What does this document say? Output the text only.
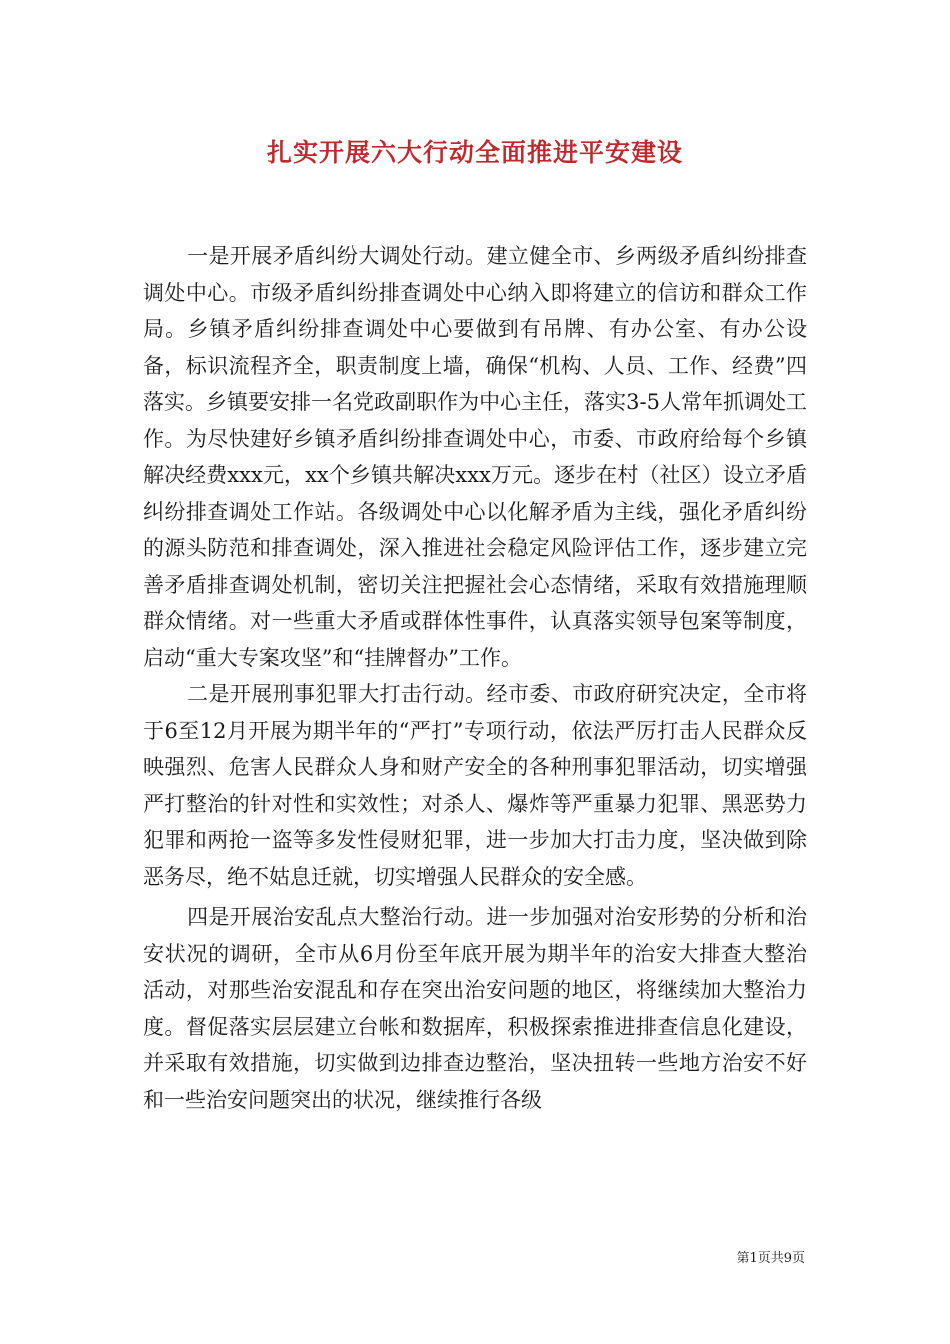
扎实开展六大行动全面推进平安建设

一是开展矛盾纠纷大调处行动。建立健全市、乡两级矛盾纠纷排查调处中心。市级矛盾纠纷排查调处中心纳入即将建立的信访和群众工作局。乡镇矛盾纠纷排查调处中心要做到有吊牌、有办公室、有办公设备，标识流程齐全，职责制度上墙，确保“机构、人员、工作、经费”四落实。乡镇要安排一名党政副职作为中心主任，落实3-5人常年抓调处工作。为尽快建好乡镇矛盾纠纷排查调处中心，市委、市政府给每个乡镇解决经费xxx元，xx个乡镇共解决xxx万元。逐步在村（社区）设立矛盾纠纷排查调处工作站。各级调处中心以化解矛盾为主线，强化矛盾纠纷的源头防范和排查调处，深入推进社会稳定风险评估工作，逐步建立完善矛盾排查调处机制，密切关注把握社会心态情绪，采取有效措施理顺群众情绪。对一些重大矛盾或群体性事件，认真落实领导包案等制度，启动“重大专案攻坚”和“挂牌督办”工作。

二是开展刑事犯罪大打击行动。经市委、市政府研究决定，全市将于6至12月开展为期半年的“严打”专项行动，依法严厉打击人民群众反映强烈、危害人民群众人身和财产安全的各种刑事犯罪活动，切实增强严打整治的针对性和实效性；对杀人、爆炸等严重暴力犯罪、黑恶势力犯罪和两抢一盗等多发性侵财犯罪，进一步加大打击力度，坚决做到除恶务尽，绝不姑息迁就，切实增强人民群众的安全感。

四是开展治安乱点大整治行动。进一步加强对治安形势的分析和治安状况的调研，全市从6月份至年底开展为期半年的治安大排查大整治活动，对那些治安混乱和存在突出治安问题的地区，将继续加大整治力度。督促落实层层建立台帐和数据库，积极探索推进排查信息化建设，并采取有效措施，切实做到边排查边整治，坚决扭转一些地方治安不好和一些治安问题突出的状况，继续推行各级

第1页共9页
